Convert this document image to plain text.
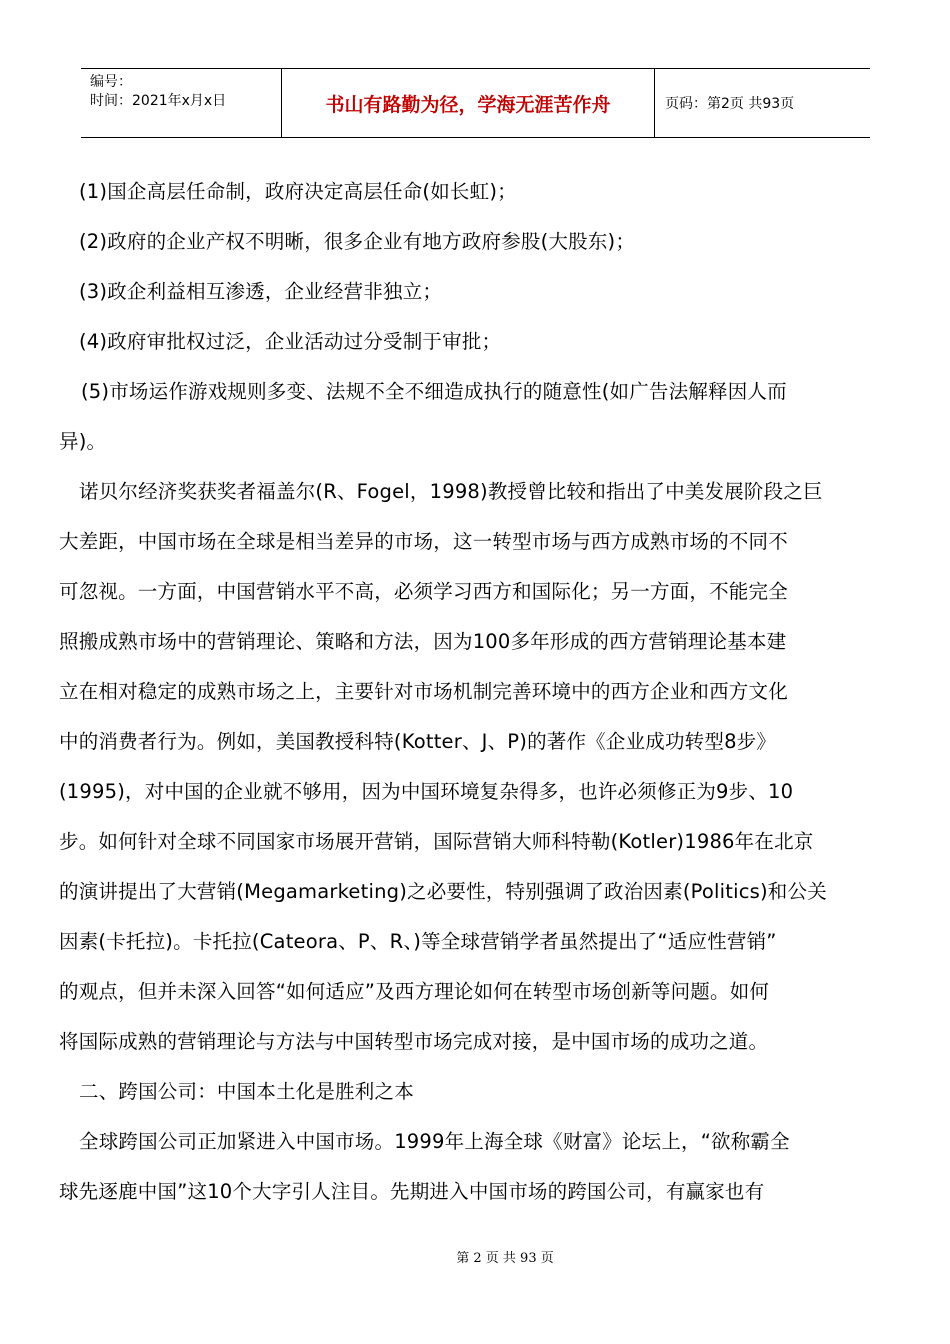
编号：
时间：2021年x月x日	书山有路勤为径，学海无涯苦作舟	页码：第2页 共93页
(1)国企高层任命制，政府决定高层任命(如长虹)；
(2)政府的企业产权不明晰，很多企业有地方政府参股(大股东)；
(3)政企利益相互渗透，企业经营非独立；
(4)政府审批权过泛，企业活动过分受制于审批；
(5)市场运作游戏规则多变、法规不全不细造成执行的随意性(如广告法解释因人而
异)。
诺贝尔经济奖获奖者福盖尔(R、Fogel，1998)教授曾比较和指出了中美发展阶段之巨
大差距，中国市场在全球是相当差异的市场，这一转型市场与西方成熟市场的不同不
可忽视。一方面，中国营销水平不高，必须学习西方和国际化；另一方面，不能完全
照搬成熟市场中的营销理论、策略和方法，因为100多年形成的西方营销理论基本建
立在相对稳定的成熟市场之上，主要针对市场机制完善环境中的西方企业和西方文化
中的消费者行为。例如，美国教授科特(Kotter、J、P)的著作《企业成功转型8步》
(1995)，对中国的企业就不够用，因为中国环境复杂得多，也许必须修正为9步、10
步。如何针对全球不同国家市场展开营销，国际营销大师科特勒(Kotler)1986年在北京
的演讲提出了大营销(Megamarketing)之必要性，特别强调了政治因素(Politics)和公关
因素(卡托拉)。卡托拉(Cateora、P、R、)等全球营销学者虽然提出了“适应性营销”
的观点，但并未深入回答“如何适应”及西方理论如何在转型市场创新等问题。如何
将国际成熟的营销理论与方法与中国转型市场完成对接，是中国市场的成功之道。
二、跨国公司：中国本土化是胜利之本
全球跨国公司正加紧进入中国市场。1999年上海全球《财富》论坛上，“欲称霸全
球先逐鹿中国”这10个大字引人注目。先期进入中国市场的跨国公司，有赢家也有
第 2 页 共 93 页
